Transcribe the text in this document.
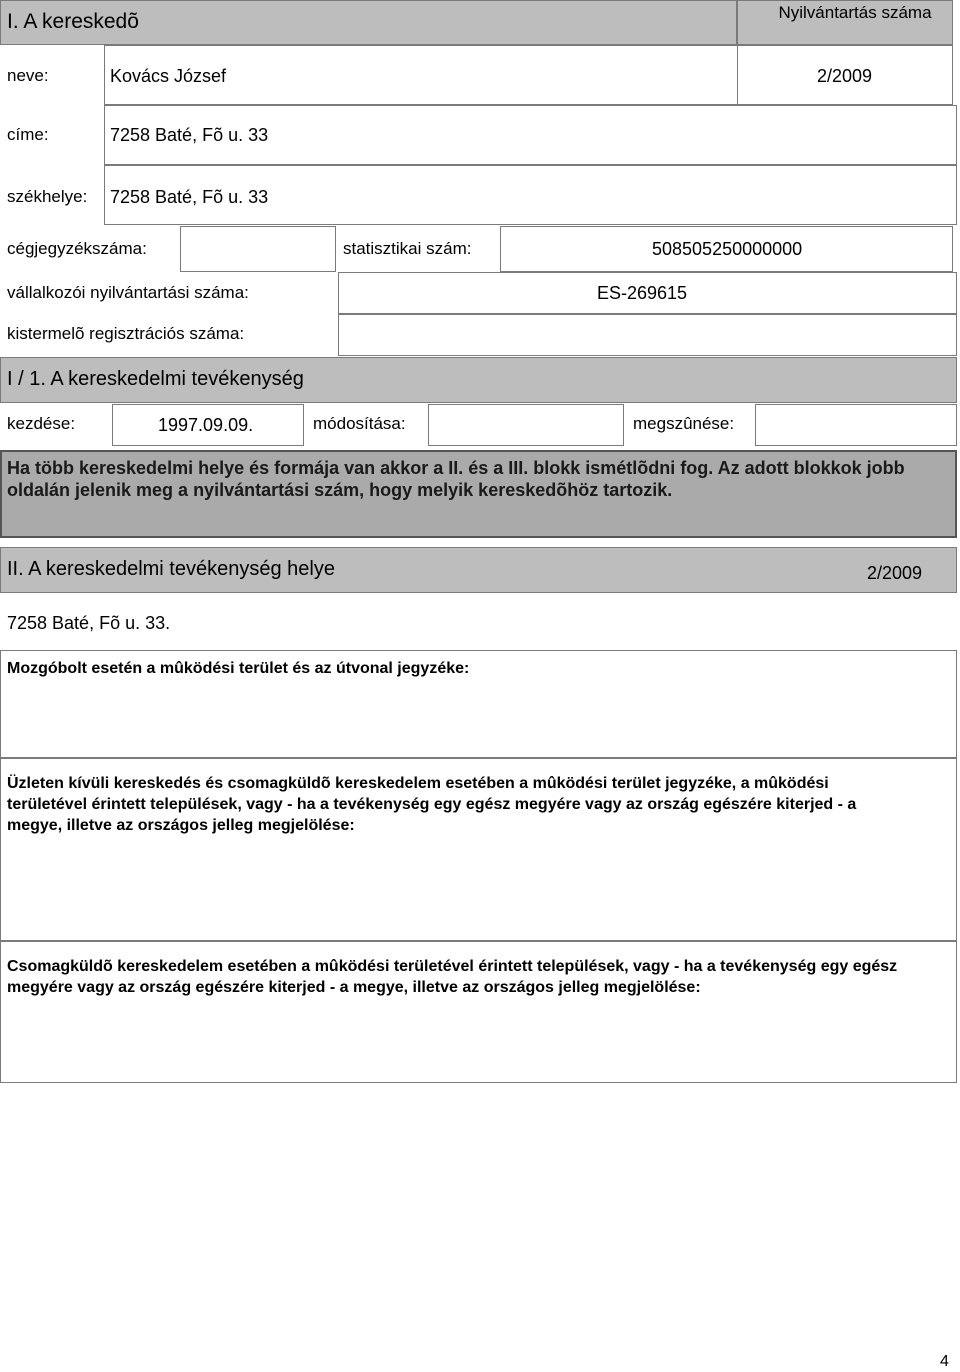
I. A kereskedõ	Nyilvántartás száma
neve:	Kovács József	2/2009
címe:	7258 Baté, Fõ u. 33
székhelye: 7258 Baté, Fõ u. 33
cégjegyzékszáma:	statisztikai szám:	508505250000000
vállalkozói nyilvántartási száma:	ES-269615
kistermelõ regisztrációs száma:
I / 1. A kereskedelmi tevékenység
kezdése:	1997.09.09.	módosítása:	megszûnése:
Ha több kereskedelmi helye és formája van akkor a II. és a III. blokk ismétlõdni fog. Az adott blokkok jobb oldalán jelenik meg a nyilvántartási szám, hogy melyik kereskedõhöz tartozik.
II. A kereskedelmi tevékenység helye	2/2009
7258 Baté, Fõ u. 33.
Mozgóbolt esetén a mûködési terület és az útvonal jegyzéke:
Üzleten kívüli kereskedés és csomagküldõ kereskedelem esetében a mûködési terület jegyzéke, a mûködési területével érintett települések, vagy - ha a tevékenység egy egész megyére vagy az ország egészére kiterjed - a megye, illetve az országos jelleg megjelölése:
Csomagküldõ kereskedelem esetében a mûködési területével érintett települések, vagy - ha a tevékenység egy egész megyére vagy az ország egészére kiterjed - a megye, illetve az országos jelleg megjelölése:
4
